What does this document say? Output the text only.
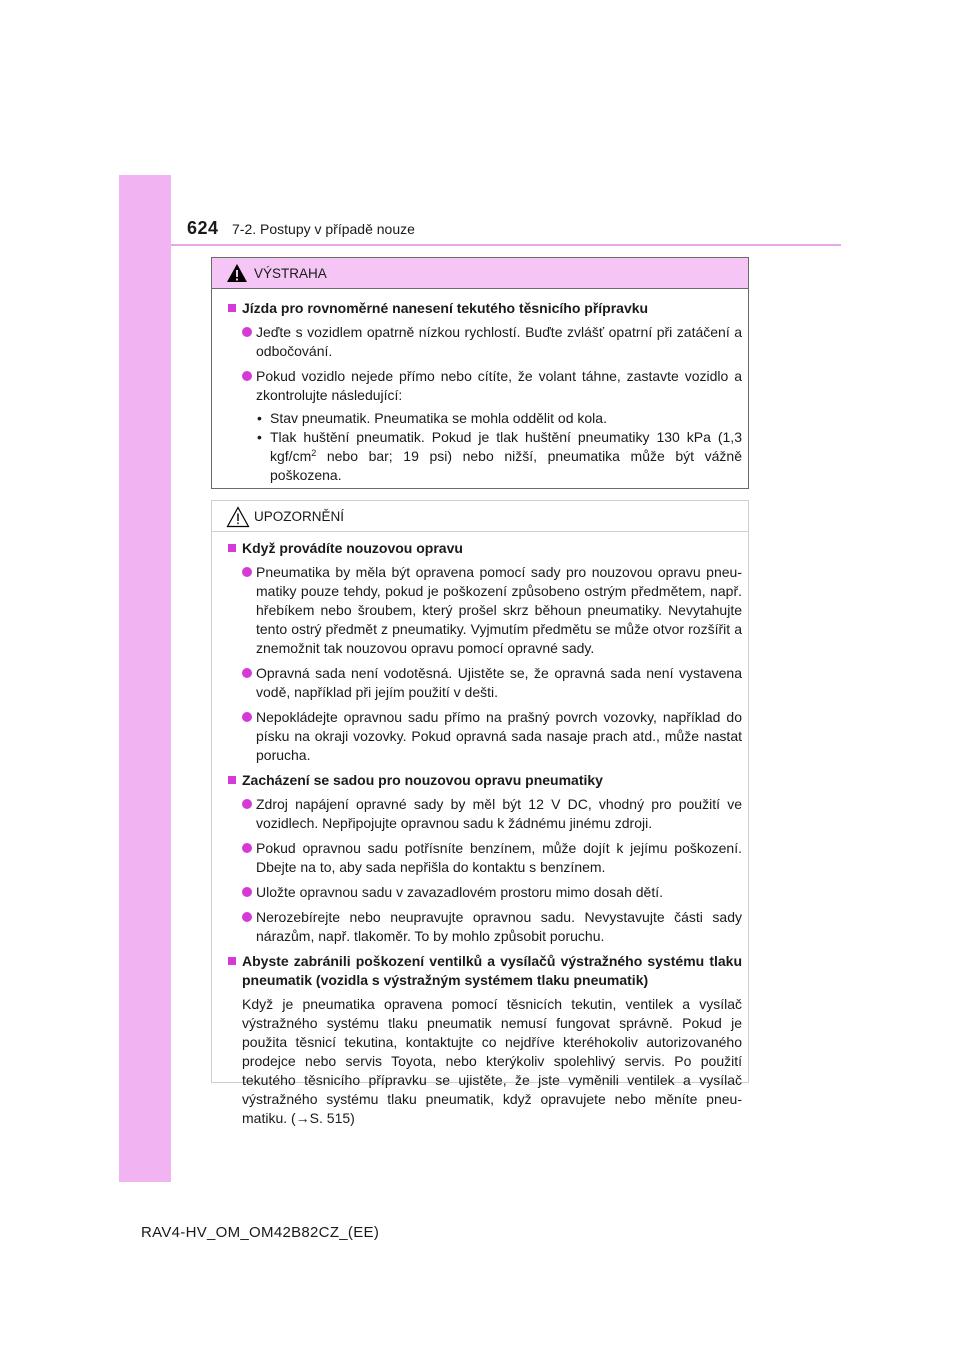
624 7-2. Postupy v případě nouze
VÝSTRAHA
Jízda pro rovnoměrné nanesení tekutého těsnicího přípravku
Jeďte s vozidlem opatrně nízkou rychlostí. Buďte zvlášť opatrní při zatáčení a odbočování.
Pokud vozidlo nejede přímo nebo cítíte, že volant táhne, zastavte vozidlo a zkontrolujte následující:
• Stav pneumatik. Pneumatika se mohla oddělit od kola.
• Tlak huštění pneumatik. Pokud je tlak huštění pneumatiky 130 kPa (1,3 kgf/$cm^2$ nebo bar; 19 psi) nebo nižší, pneumatika může být vážně poškozena.
UPOZORNĚNÍ
Když provádíte nouzovou opravu
Pneumatika by měla být opravena pomocí sady pro nouzovou opravu pneumatiky pouze tehdy, pokud je poškození způsobeno ostrým předmětem, např. hřebíkem nebo šroubem, který prošel skrz běhoun pneumatiky. Nevytahujte tento ostrý předmět z pneumatiky. Vyjmutím předmětu se může otvor rozšířit a znemožnit tak nouzovou opravu pomocí opravné sady.
Opravná sada není vodotěsná. Ujistěte se, že opravná sada není vystavena vodě, například při jejím použití v dešti.
Nepokládejte opravnou sadu přímo na prašný povrch vozovky, například do písku na okraji vozovky. Pokud opravná sada nasaje prach atd., může nastat porucha.
Zacházení se sadou pro nouzovou opravu pneumatiky
Zdroj napájení opravné sady by měl být 12 V DC, vhodný pro použití ve vozidlech. Nepřipojujte opravnou sadu k žádnému jinému zdroji.
Pokud opravnou sadu potřísníte benzínem, může dojít k jejímu poškození. Dbejte na to, aby sada nepřišla do kontaktu s benzínem.
Uložte opravnou sadu v zavazadlovém prostoru mimo dosah dětí.
Nerozebírejte nebo neupravujte opravnou sadu. Nevystavujte části sady nárazům, např. tlakoměr. To by mohlo způsobit poruchu.
Abyste zabránili poškození ventilků a vysílačů výstražného systému tlaku pneumatik (vozidla s výstražným systémem tlaku pneumatik)
Když je pneumatika opravena pomocí těsnicích tekutin, ventilek a vysílač výstražného systému tlaku pneumatik nemusí fungovat správně. Pokud je použita těsnicí tekutina, kontaktujte co nejdříve kteréhokoliv autorizovaného prodejce nebo servis Toyota, nebo kterýkoliv spolehlivý servis. Po použití tekutého těsnicího přípravku se ujistěte, že jste vyměnili ventilek a vysílač výstražného systému tlaku pneumatik, když opravujete nebo měníte pneumatiku. (→S. 515)
RAV4-HV_OM_OM42B82CZ_(EE)
